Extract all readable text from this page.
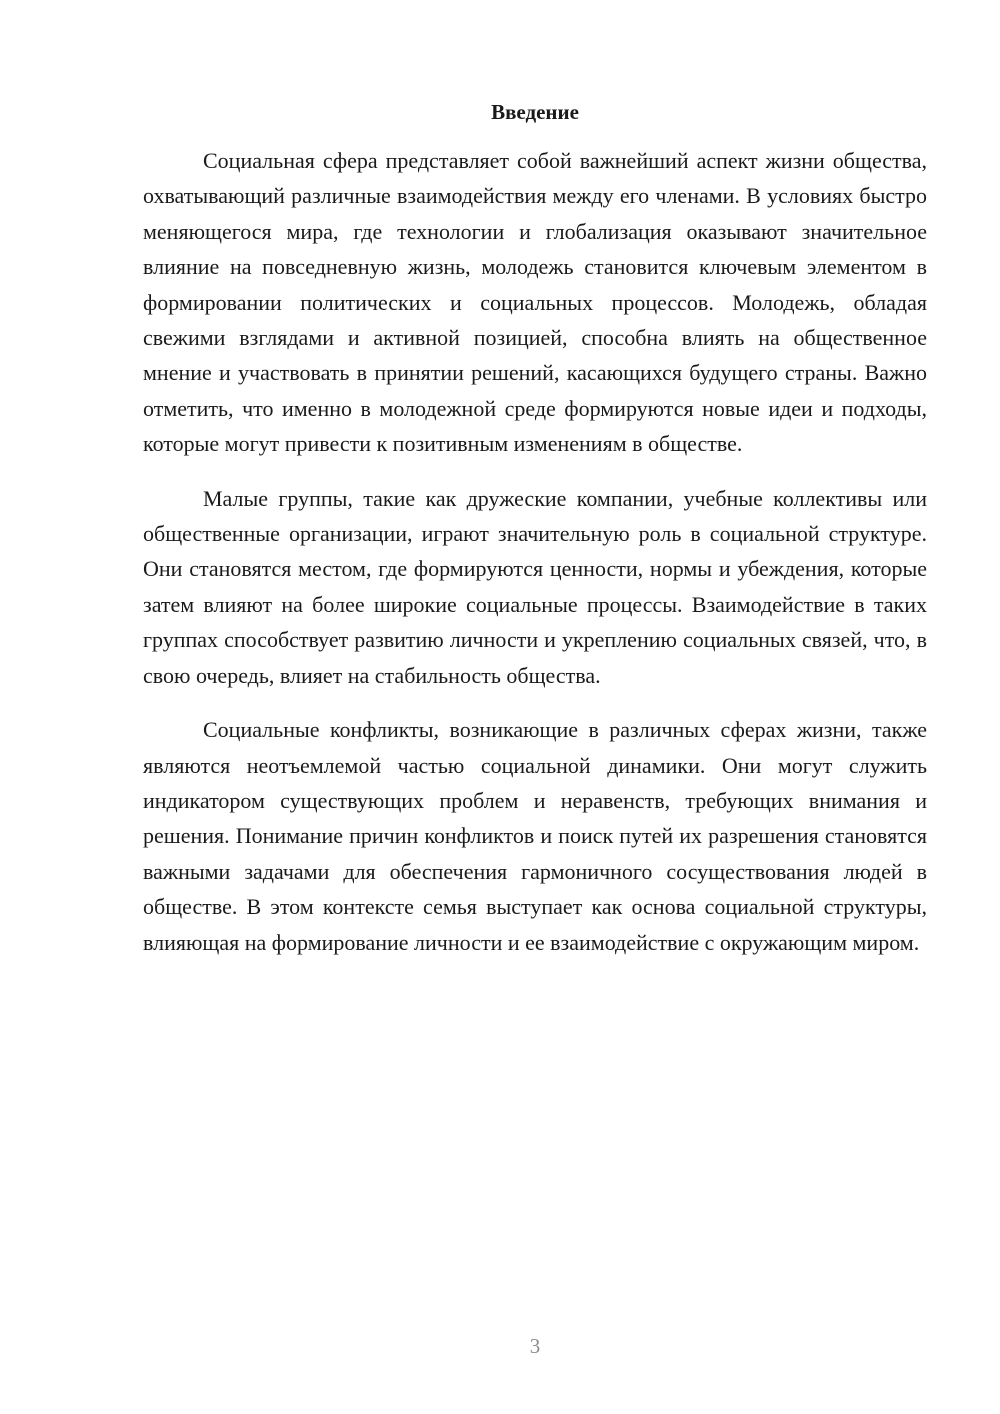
Введение

Социальная сфера представляет собой важнейший аспект жизни общества, охватывающий различные взаимодействия между его членами. В условиях быстро меняющегося мира, где технологии и глобализация оказывают значительное влияние на повседневную жизнь, молодежь становится ключевым элементом в формировании политических и социальных процессов. Молодежь, обладая свежими взглядами и активной позицией, способна влиять на общественное мнение и участвовать в принятии решений, касающихся будущего страны. Важно отметить, что именно в молодежной среде формируются новые идеи и подходы, которые могут привести к позитивным изменениям в обществе.

Малые группы, такие как дружеские компании, учебные коллективы или общественные организации, играют значительную роль в социальной структуре. Они становятся местом, где формируются ценности, нормы и убеждения, которые затем влияют на более широкие социальные процессы. Взаимодействие в таких группах способствует развитию личности и укреплению социальных связей, что, в свою очередь, влияет на стабильность общества.

Социальные конфликты, возникающие в различных сферах жизни, также являются неотъемлемой частью социальной динамики. Они могут служить индикатором существующих проблем и неравенств, требующих внимания и решения. Понимание причин конфликтов и поиск путей их разрешения становятся важными задачами для обеспечения гармоничного сосуществования людей в обществе. В этом контексте семья выступает как основа социальной структуры, влияющая на формирование личности и ее взаимодействие с окружающим миром.

3
